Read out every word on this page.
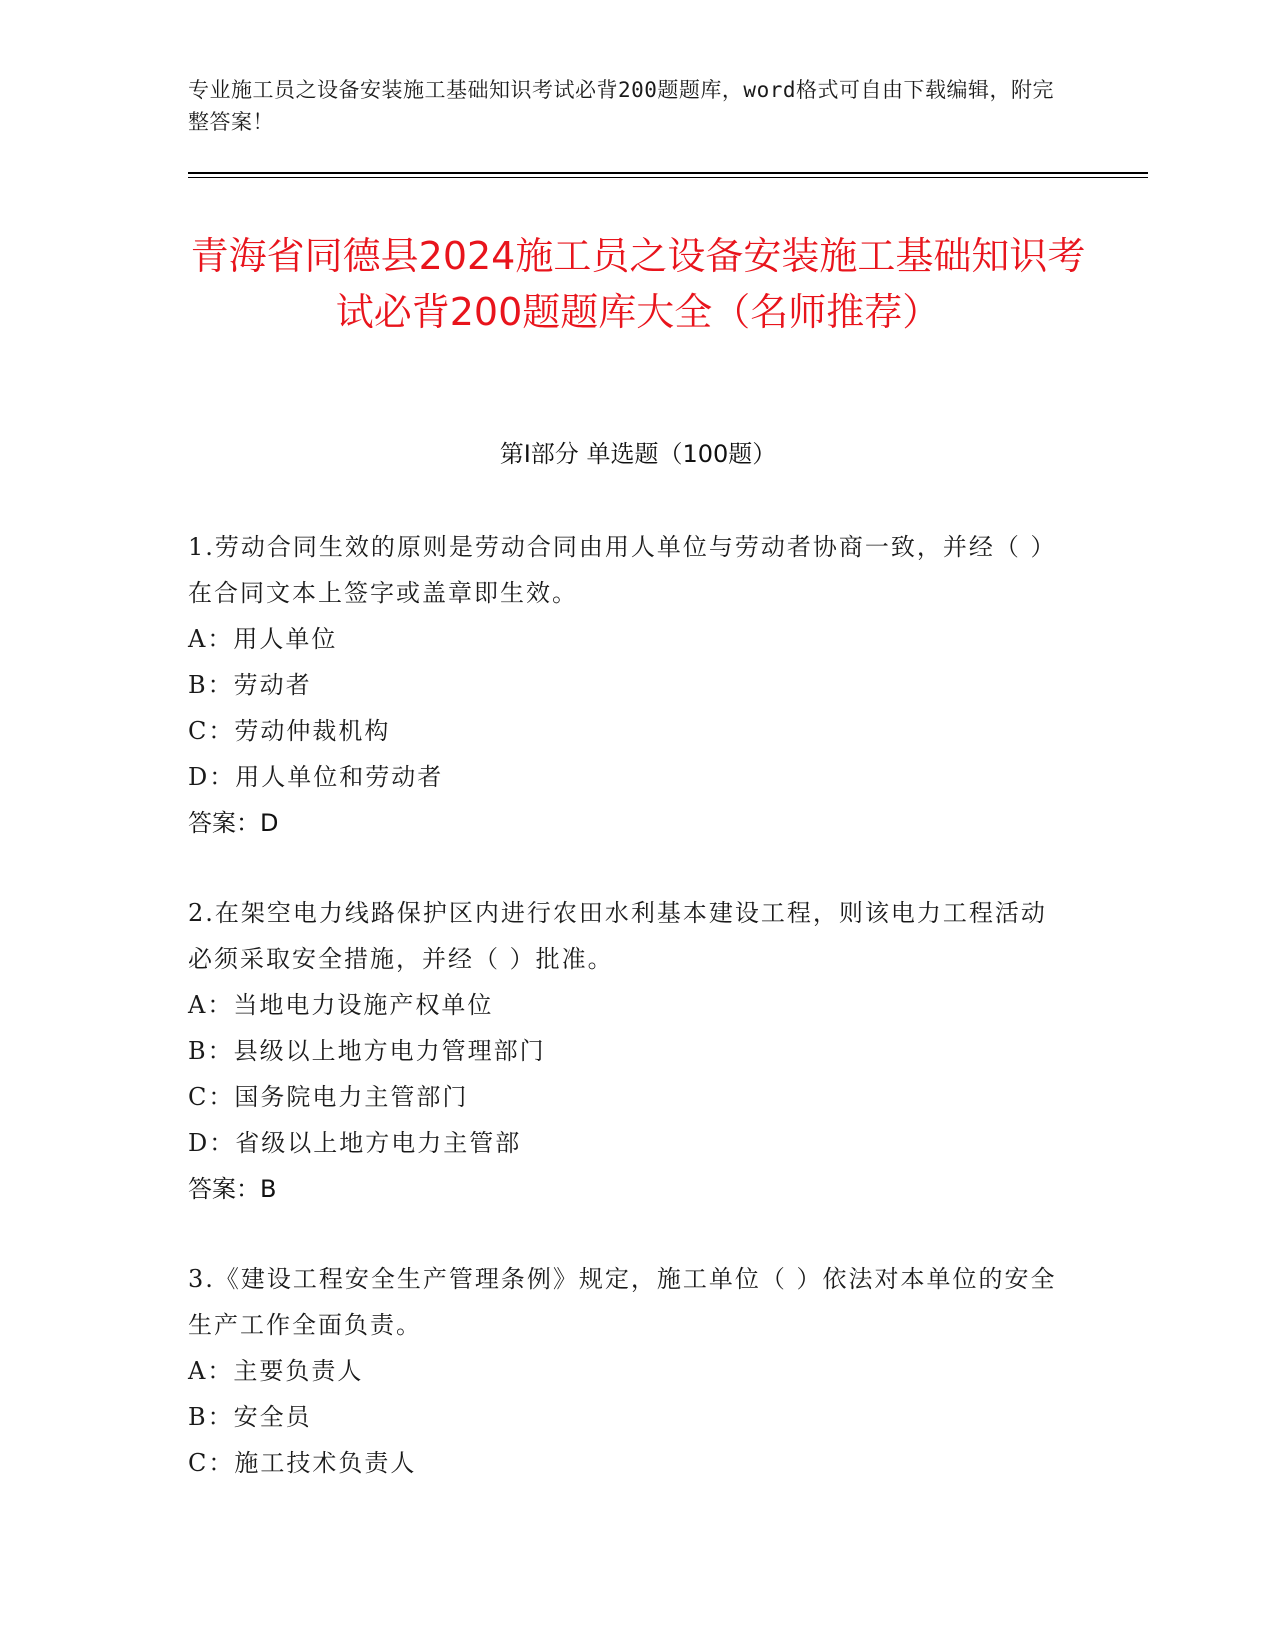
专业施工员之设备安装施工基础知识考试必背200题题库，word格式可自由下载编辑，附完整答案！
青海省同德县2024施工员之设备安装施工基础知识考试必背200题题库大全（名师推荐）
第I部分 单选题（100题）
1.劳动合同生效的原则是劳动合同由用人单位与劳动者协商一致，并经（ ）在合同文本上签字或盖章即生效。
A：用人单位
B：劳动者
C：劳动仲裁机构
D：用人单位和劳动者
答案：D
2.在架空电力线路保护区内进行农田水利基本建设工程，则该电力工程活动必须采取安全措施，并经（ ）批准。
A：当地电力设施产权单位
B：县级以上地方电力管理部门
C：国务院电力主管部门
D：省级以上地方电力主管部
答案：B
3.《建设工程安全生产管理条例》规定，施工单位（ ）依法对本单位的安全生产工作全面负责。
A：主要负责人
B：安全员
C：施工技术负责人
